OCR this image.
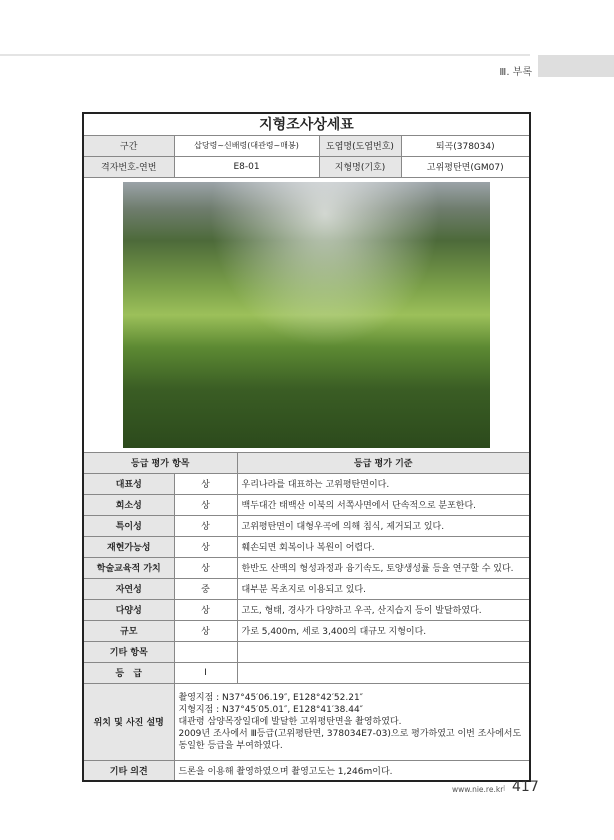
Ⅲ. 부록
지형조사상세표				
구간	삽당령~신배령(대관령~매봉)		도엽명(도엽번호)	퇴곡(378034)
격자번호-연번	E8-01		지형명(기호)	고위평탄면(GM07)

등급 평가 항목		등급 평가 기준		
대표성	상	우리나라를 대표하는 고위평탄면이다.		
희소성	상	백두대간 태백산 이북의 서쪽사면에서 단속적으로 분포한다.		
특이성	상	고위평탄면이 대형우곡에 의해 침식, 제거되고 있다.		
재현가능성	상	훼손되면 회복이나 복원이 어렵다.		
학술교육적 가치	상	한반도 산맥의 형성과정과 융기속도, 토양생성률 등을 연구할 수 있다.		
자연성	중	대부분 목초지로 이용되고 있다.		
다양성	상	고도, 형태, 경사가 다양하고 우곡, 산지습지 등이 발달하였다.		
규모	상	가로 5,400m, 세로 3,400의 대규모 지형이다.		
기타 항목				
등　급	Ⅰ			
위치 및 사진 설명	촬영지점 : N37°45′06.19″, E128°42′52.21″
지형지점 : N37°45′05.01″, E128°41′38.44″
대관령 삼양목장일대에 발달한 고위평탄면을 촬영하였다.
2009년 조사에서 Ⅲ등급(고위평탄면, 378034E7-03)으로 평가하였고 이번 조사에서도
동일한 등급을 부여하였다.			

기타 의견	드론을 이용해 촬영하였으며 촬영고도는 1,246m이다.			
www.nie.re.kr I 417
